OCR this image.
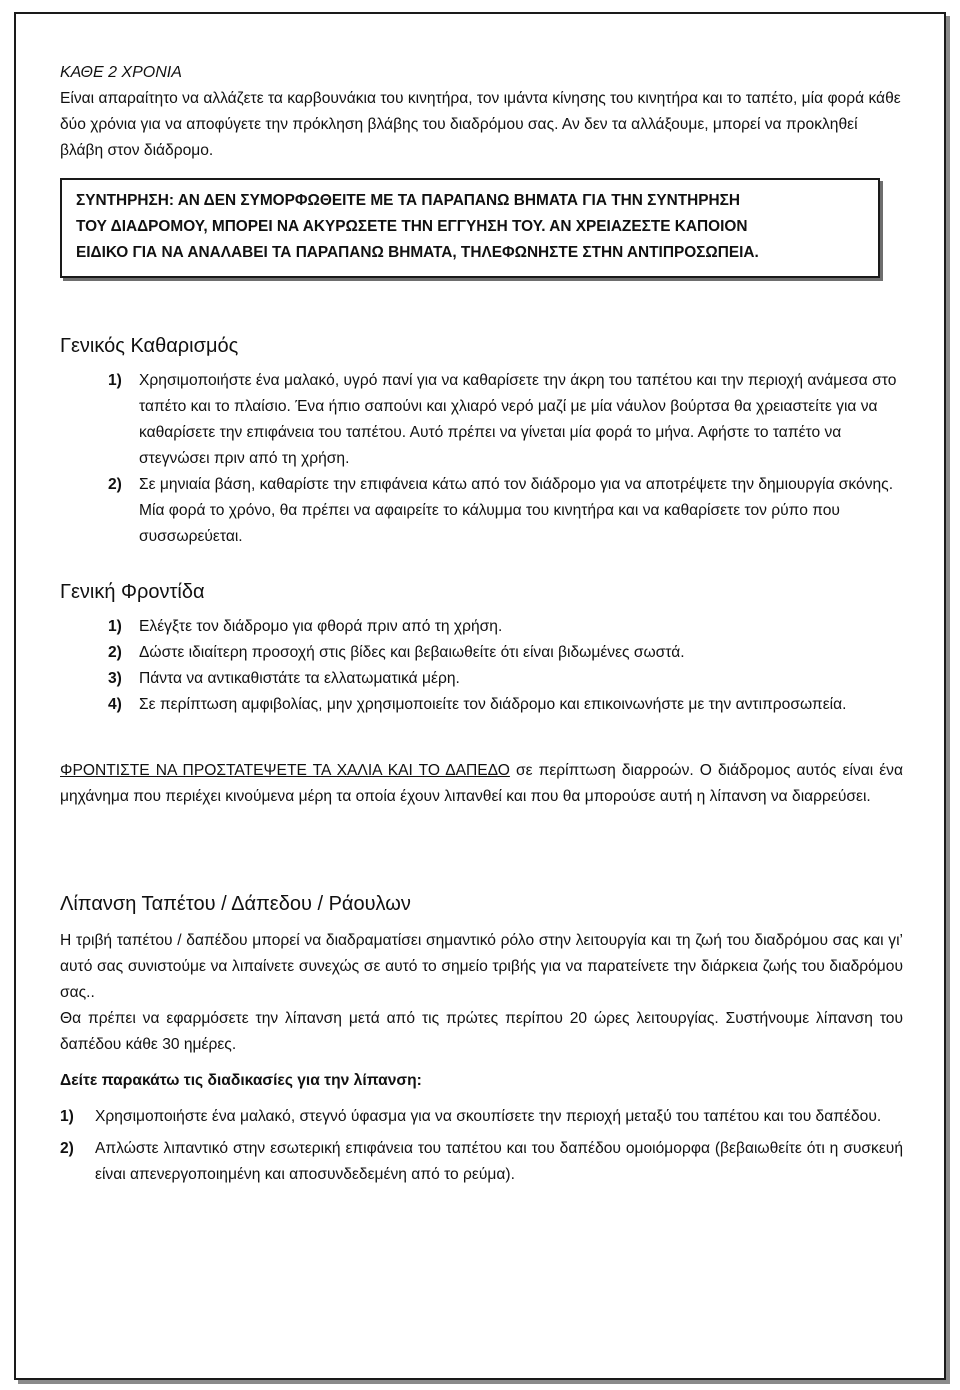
ΚΑΘΕ 2 ΧΡΟΝΙΑ

Είναι απαραίτητο να αλλάζετε τα καρβουνάκια του κινητήρα, τον ιμάντα κίνησης του κινητήρα και το ταπέτο, μία φορά κάθε δύο χρόνια για να αποφύγετε την πρόκληση βλάβης του διαδρόμου σας. Αν δεν τα αλλάξουμε, μπορεί να προκληθεί βλάβη στον διάδρομο.

ΣΥΝΤΗΡΗΣΗ: ΑΝ ΔΕΝ ΣΥΜΟΡΦΩΘΕΙΤΕ ΜΕ ΤΑ ΠΑΡΑΠΑΝΩ ΒΗΜΑΤΑ ΓΙΑ ΤΗΝ ΣΥΝΤΗΡΗΣΗ
ΤΟΥ ΔΙΑΔΡΟΜΟΥ, ΜΠΟΡΕΙ ΝΑ ΑΚΥΡΩΣΕΤΕ ΤΗΝ ΕΓΓΥΗΣΗ ΤΟΥ. ΑΝ ΧΡΕΙΑΖΕΣΤΕ ΚΑΠΟΙΟΝ
ΕΙΔΙΚΟ ΓΙΑ ΝΑ ΑΝΑΛΑΒΕΙ ΤΑ ΠΑΡΑΠΑΝΩ ΒΗΜΑΤΑ, ΤΗΛΕΦΩΝΗΣΤΕ ΣΤΗΝ ΑΝΤΙΠΡΟΣΩΠΕΙΑ.
Γενικός Καθαρισμός
1)	Χρησιμοποιήστε ένα μαλακό, υγρό πανί για να καθαρίσετε την άκρη του ταπέτου και την περιοχή ανάμεσα στο ταπέτο και το πλαίσιο. Ένα ήπιο σαπούνι και χλιαρό νερό μαζί με μία νάυλον βούρτσα θα χρειαστείτε για να καθαρίσετε την επιφάνεια του ταπέτου. Αυτό πρέπει να γίνεται μία φορά το μήνα. Αφήστε το ταπέτο να στεγνώσει πριν από τη χρήση.
2)	Σε μηνιαία βάση, καθαρίστε την επιφάνεια κάτω από τον διάδρομο για να αποτρέψετε την δημιουργία σκόνης. Μία φορά το χρόνο, θα πρέπει να αφαιρείτε το κάλυμμα του κινητήρα και να καθαρίσετε τον ρύπο που συσσωρεύεται.
Γενική Φροντίδα
1)	Ελέγξτε τον διάδρομο για φθορά πριν από τη χρήση.
2)	Δώστε ιδιαίτερη προσοχή στις βίδες και βεβαιωθείτε ότι είναι βιδωμένες σωστά.
3)	Πάντα να αντικαθιστάτε τα ελλατωματικά μέρη.
4)	Σε περίπτωση αμφιβολίας, μην χρησιμοποιείτε τον διάδρομο και επικοινωνήστε με την αντιπροσωπεία.

ΦΡΟΝΤΙΣΤΕ ΝΑ ΠΡΟΣΤΑΤΕΨΕΤΕ ΤΑ ΧΑΛΙΑ ΚΑΙ ΤΟ ΔΑΠΕΔΟ σε περίπτωση διαρροών. Ο διάδρομος αυτός είναι ένα μηχάνημα που περιέχει κινούμενα μέρη τα οποία έχουν λιπανθεί και που θα μπορούσε αυτή η λίπανση να διαρρεύσει.

Λίπανση Ταπέτου / Δάπεδου / Ράουλων

Η τριβή ταπέτου / δαπέδου μπορεί να διαδραματίσει σημαντικό ρόλο στην λειτουργία και τη ζωή του διαδρόμου σας και γι’ αυτό σας συνιστούμε να λιπαίνετε συνεχώς σε αυτό το σημείο τριβής για να παρατείνετε την διάρκεια ζωής του διαδρόμου σας..

Θα πρέπει να εφαρμόσετε την λίπανση μετά από τις πρώτες περίπου 20 ώρες λειτουργίας. Συστήνουμε λίπανση του δαπέδου κάθε 30 ημέρες.

Δείτε παρακάτω τις διαδικασίες για την λίπανση:

1)	Χρησιμοποιήστε ένα μαλακό, στεγνό ύφασμα για να σκουπίσετε την περιοχή μεταξύ του ταπέτου και του δαπέδου.
2)	Απλώστε λιπαντικό στην εσωτερική επιφάνεια του ταπέτου και του δαπέδου ομοιόμορφα (βεβαιωθείτε ότι η συσκευή είναι απενεργοποιημένη και αποσυνδεδεμένη από το ρεύμα).
